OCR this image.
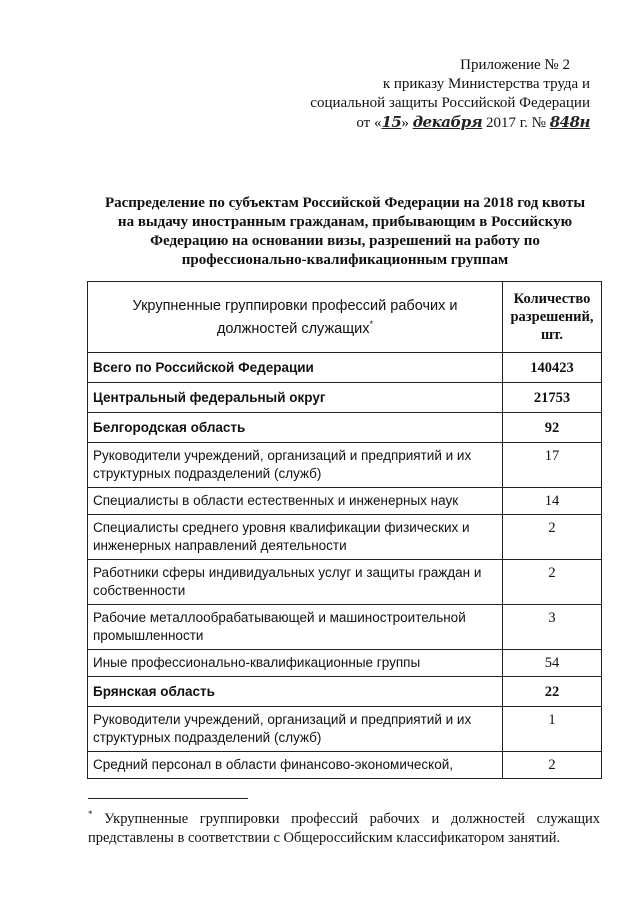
Приложение № 2
к приказу Министерства труда и
социальной защиты Российской Федерации
от «15» декабря 2017 г. № 848н
Распределение по субъектам Российской Федерации на 2018 год квоты на выдачу иностранным гражданам, прибывающим в Российскую Федерацию на основании визы, разрешений на работу по профессионально-квалификационным группам
Укрупненные группировки профессий рабочих и должностей служащих*	Количество разрешений, шт.
Всего по Российской Федерации	140423
Центральный федеральный округ	21753
Белгородская область	92
Руководители учреждений, организаций и предприятий и их структурных подразделений (служб)	17
Специалисты в области естественных и инженерных наук	14
Специалисты среднего уровня квалификации физических и инженерных направлений деятельности	2
Работники сферы индивидуальных услуг и защиты граждан и собственности	2
Рабочие металлообрабатывающей и машиностроительной промышленности	3
Иные профессионально-квалификационные группы	54
Брянская область	22
Руководители учреждений, организаций и предприятий и их структурных подразделений (служб)	1
Средний персонал в области финансово-экономической,	2
* Укрупненные группировки профессий рабочих и должностей служащих представлены в соответствии с Общероссийским классификатором занятий.
